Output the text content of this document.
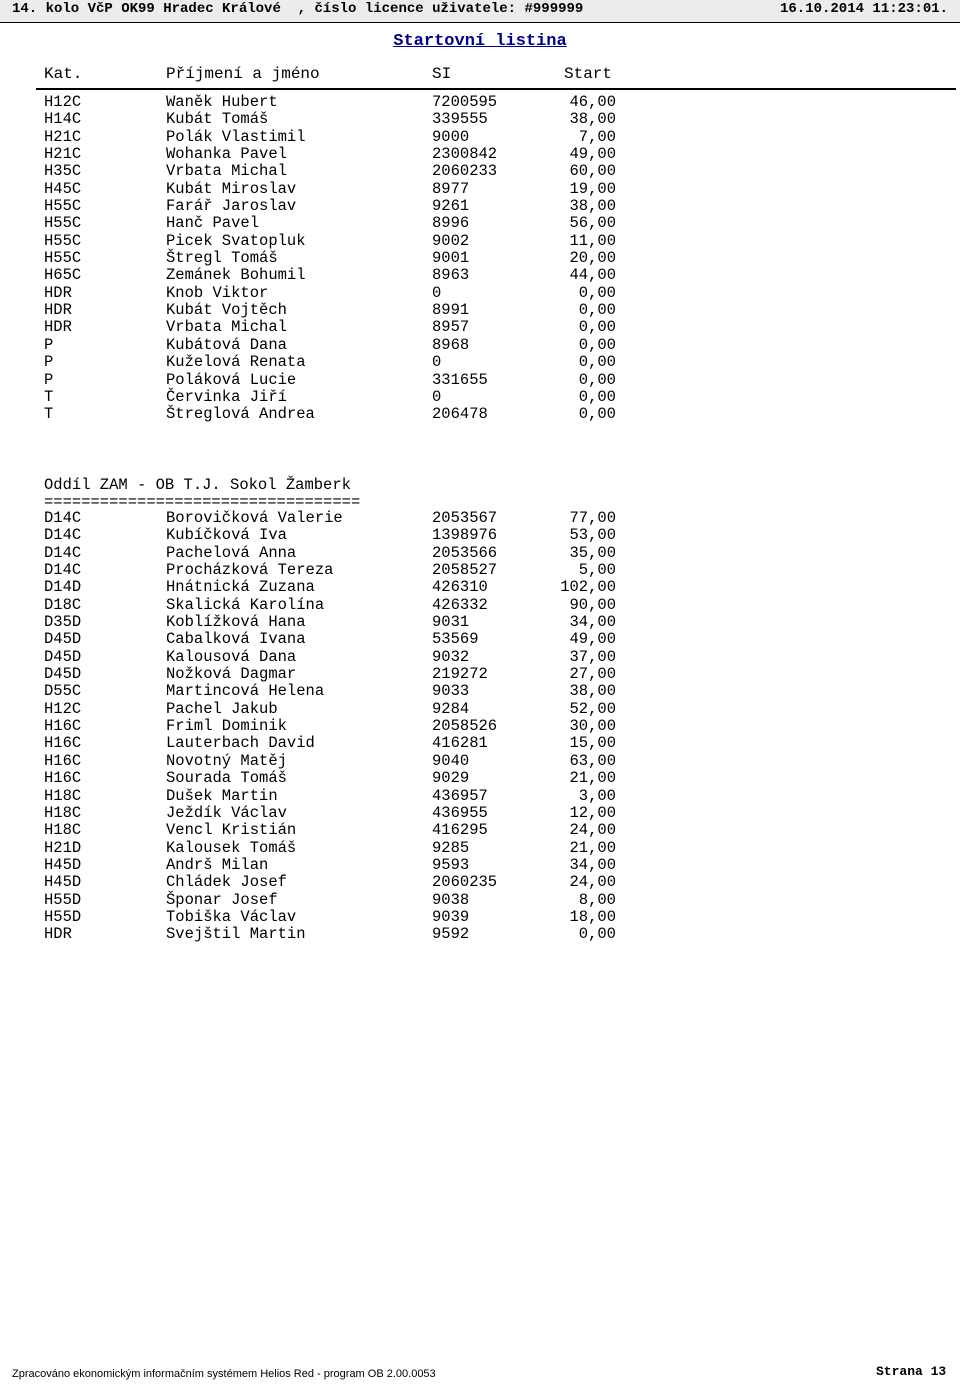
14. kolo VčP OK99 Hradec Králové  , číslo licence uživatele: #999999	16.10.2014 11:23:01.
Startovní listina
Kat.	Příjmení a jméno	SI	Start
H12C	Waněk Hubert	7200595	46,00
H14C	Kubát Tomáš	339555	38,00
H21C	Polák Vlastimil	9000	7,00
H21C	Wohanka Pavel	2300842	49,00
H35C	Vrbata Michal	2060233	60,00
H45C	Kubát Miroslav	8977	19,00
H55C	Farář Jaroslav	9261	38,00
H55C	Hanč Pavel	8996	56,00
H55C	Picek Svatopluk	9002	11,00
H55C	Štregl Tomáš	9001	20,00
H65C	Zemánek Bohumil	8963	44,00
HDR	Knob Viktor	0	0,00
HDR	Kubát Vojtěch	8991	0,00
HDR	Vrbata Michal	8957	0,00
P	Kubátová Dana	8968	0,00
P	Kuželová Renata	0	0,00
P	Poláková Lucie	331655	0,00
T	Červinka Jiří	0	0,00
T	Štreglová Andrea	206478	0,00
Oddíl ZAM - OB T.J. Sokol Žamberk
==================================
D14C	Borovičková Valerie	2053567	77,00
D14C	Kubíčková Iva	1398976	53,00
D14C	Pachelová Anna	2053566	35,00
D14C	Procházková Tereza	2058527	5,00
D14D	Hnátnická Zuzana	426310	102,00
D18C	Skalická Karolína	426332	90,00
D35D	Koblížková Hana	9031	34,00
D45D	Cabalková Ivana	53569	49,00
D45D	Kalousová Dana	9032	37,00
D45D	Nožková Dagmar	219272	27,00
D55C	Martincová Helena	9033	38,00
H12C	Pachel Jakub	9284	52,00
H16C	Friml Dominik	2058526	30,00
H16C	Lauterbach David	416281	15,00
H16C	Novotný Matěj	9040	63,00
H16C	Sourada Tomáš	9029	21,00
H18C	Dušek Martin	436957	3,00
H18C	Ježdík Václav	436955	12,00
H18C	Vencl Kristián	416295	24,00
H21D	Kalousek Tomáš	9285	21,00
H45D	Andrš Milan	9593	34,00
H45D	Chládek Josef	2060235	24,00
H55D	Šponar Josef	9038	8,00
H55D	Tobiška Václav	9039	18,00
HDR	Svejštil Martin	9592	0,00
Zpracováno ekonomickým informačním systémem Helios Red - program OB 2.00.0053	Strana 13
